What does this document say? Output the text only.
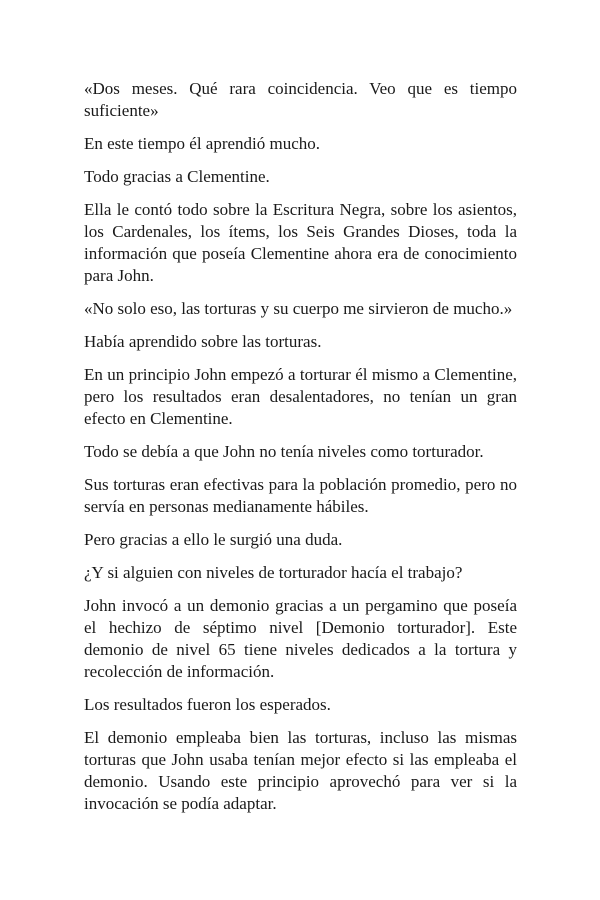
«Dos meses. Qué rara coincidencia. Veo que es tiempo suficiente»

En este tiempo él aprendió mucho.

Todo gracias a Clementine.

Ella le contó todo sobre la Escritura Negra, sobre los asientos, los Cardenales, los ítems, los Seis Grandes Dioses, toda la información que poseía Clementine ahora era de conocimiento para John.

«No solo eso, las torturas y su cuerpo me sirvieron de mucho.»

Había aprendido sobre las torturas.

En un principio John empezó a torturar él mismo a Clementine, pero los resultados eran desalentadores, no tenían un gran efecto en Clementine.

Todo se debía a que John no tenía niveles como torturador.

Sus torturas eran efectivas para la población promedio, pero no servía en personas medianamente hábiles.

Pero gracias a ello le surgió una duda.

¿Y si alguien con niveles de torturador hacía el trabajo?

John invocó a un demonio gracias a un pergamino que poseía el hechizo de séptimo nivel [Demonio torturador]. Este demonio de nivel 65 tiene niveles dedicados a la tortura y recolección de información.

Los resultados fueron los esperados.

El demonio empleaba bien las torturas, incluso las mismas torturas que John usaba tenían mejor efecto si las empleaba el demonio. Usando este principio aprovechó para ver si la invocación se podía adaptar.
